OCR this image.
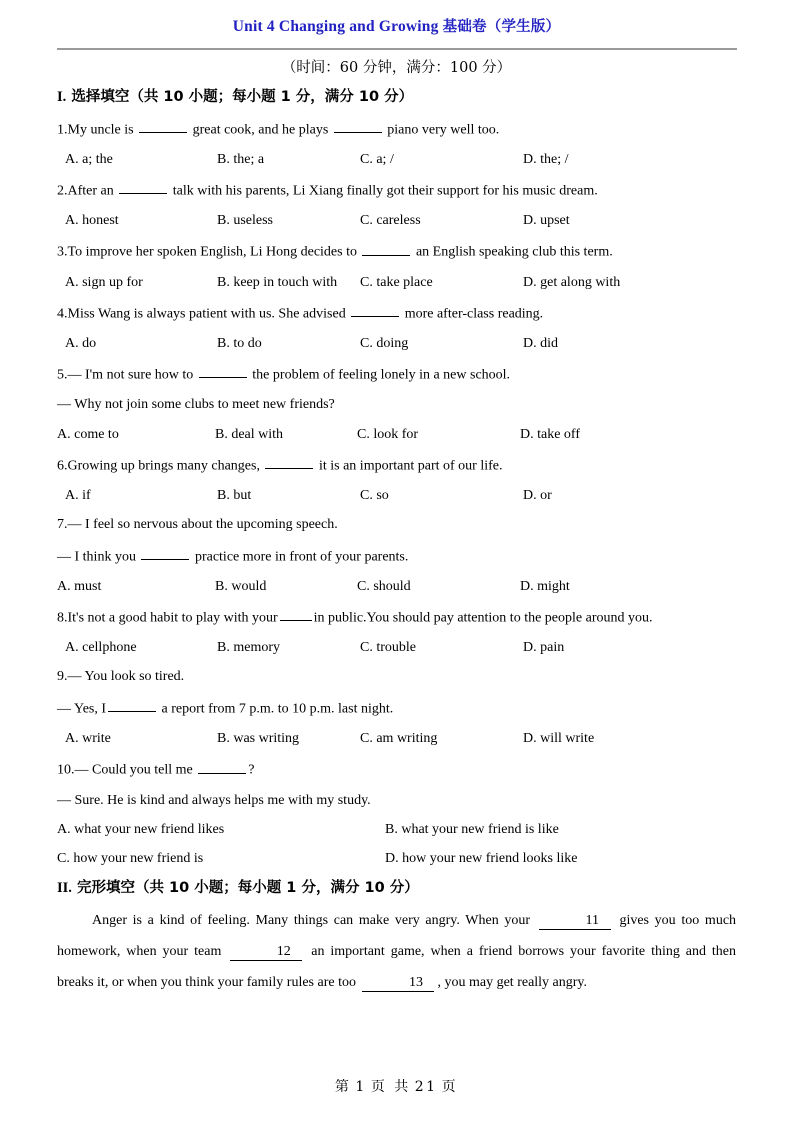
Unit 4 Changing and Growing 基础卷（学生版）
（时间：60 分钟，满分：100 分）
I. 选择填空（共 10 小题；每小题 1 分，满分 10 分）
1.My uncle is	great cook, and he plays	piano very well too.
A. a; the	B. the; a	C. a; /	D. the; /
2.After an	talk with his parents, Li Xiang finally got their support for his music dream.
A. honest	B. useless	C. careless	D. upset
3.To improve her spoken English, Li Hong decides to	an English speaking club this term.
A. sign up for	B. keep in touch with C. take place	D. get along with
4.Miss Wang is always patient with us. She advised	more after-class reading.
A. do	B. to do	C. doing	D. did
5.— I'm not sure how to	the problem of feeling lonely in a new school.
— Why not join some clubs to meet new friends?
A. come to	B. deal with	C. look for	D. take off
6.Growing up brings many changes,	it is an important part of our life.
A. if	B. but	C. so	D. or
7.— I feel so nervous about the upcoming speech.
— I think you	practice more in front of your parents.
A. must	B. would	C. should	D. might
8.It's not a good habit to play with your	in public.You should pay attention to the people around you.
A. cellphone	B. memory	C. trouble	D. pain
9.— You look so tired.
— Yes, I	a report from 7 p.m. to 10 p.m. last night.
A. write	B. was writing	C. am writing	D. will write
10.— Could you tell me	?
— Sure. He is kind and always helps me with my study.
A. what your new friend likes	B. what your new friend is like
C. how your new friend is	D. how your new friend looks like
II. 完形填空（共 10 小题；每小题 1 分，满分 10 分）

Anger is a kind of feeling. Many things can make very angry. When your	11 gives you too much homework, when your team	12 an important game, when a friend borrows your favorite thing and then breaks it, or when you think your family rules are too	13 , you may get really angry.

第 1 页 共 21 页
